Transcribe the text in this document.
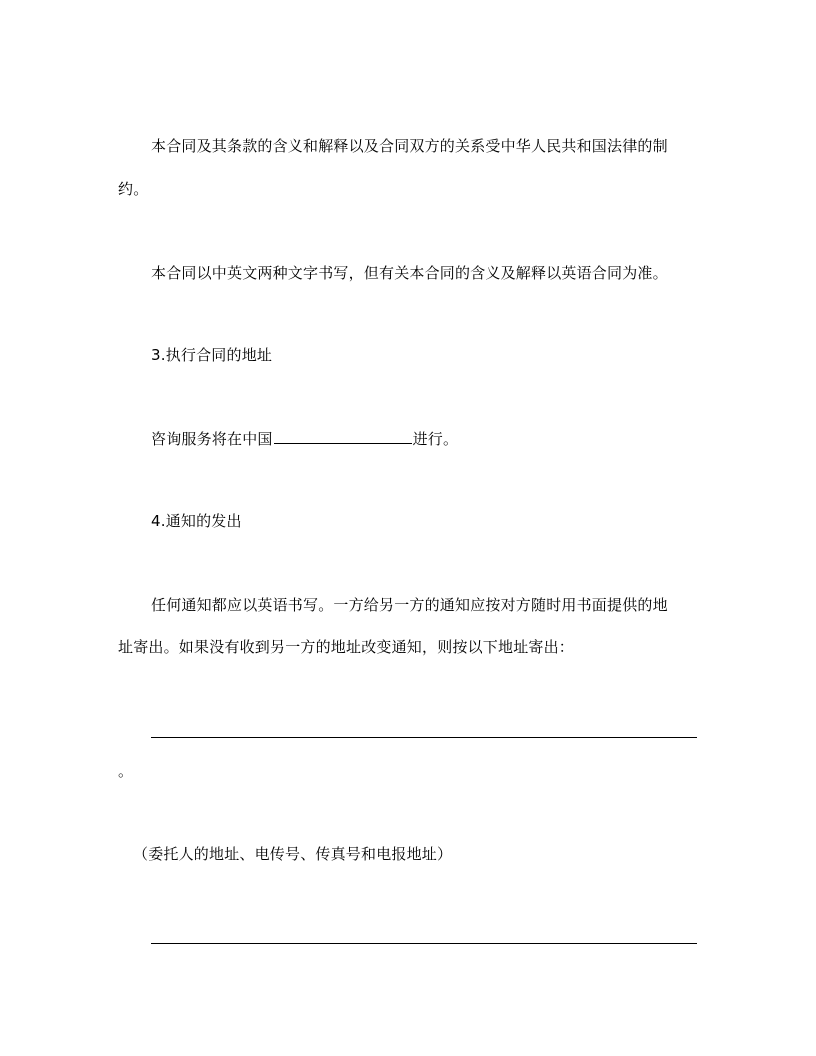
本合同及其条款的含义和解释以及合同双方的关系受中华人民共和国法律的制
约。
本合同以中英文两种文字书写，但有关本合同的含义及解释以英语合同为准。
3.执行合同的地址
咨询服务将在中国	进行。
4.通知的发出
任何通知都应以英语书写。一方给另一方的通知应按对方随时用书面提供的地
址寄出。如果没有收到另一方的地址改变通知，则按以下地址寄出：
。
（委托人的地址、电传号、传真号和电报地址）
